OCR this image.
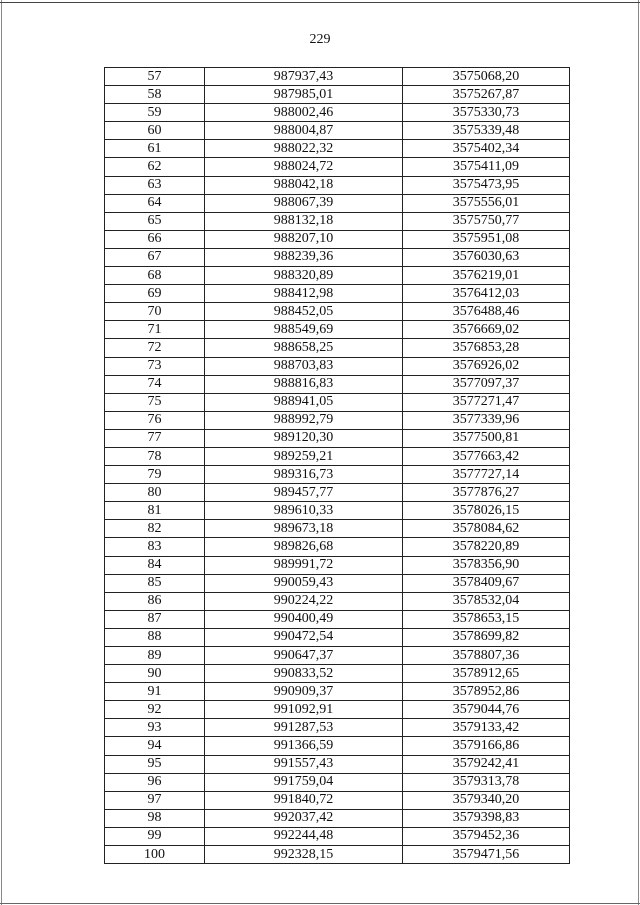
229
57	987937,43	3575068,20
58	987985,01	3575267,87
59	988002,46	3575330,73
60	988004,87	3575339,48
61	988022,32	3575402,34
62	988024,72	3575411,09
63	988042,18	3575473,95
64	988067,39	3575556,01
65	988132,18	3575750,77
66	988207,10	3575951,08
67	988239,36	3576030,63
68	988320,89	3576219,01
69	988412,98	3576412,03
70	988452,05	3576488,46
71	988549,69	3576669,02
72	988658,25	3576853,28
73	988703,83	3576926,02
74	988816,83	3577097,37
75	988941,05	3577271,47
76	988992,79	3577339,96
77	989120,30	3577500,81
78	989259,21	3577663,42
79	989316,73	3577727,14
80	989457,77	3577876,27
81	989610,33	3578026,15
82	989673,18	3578084,62
83	989826,68	3578220,89
84	989991,72	3578356,90
85	990059,43	3578409,67
86	990224,22	3578532,04
87	990400,49	3578653,15
88	990472,54	3578699,82
89	990647,37	3578807,36
90	990833,52	3578912,65
91	990909,37	3578952,86
92	991092,91	3579044,76
93	991287,53	3579133,42
94	991366,59	3579166,86
95	991557,43	3579242,41
96	991759,04	3579313,78
97	991840,72	3579340,20
98	992037,42	3579398,83
99	992244,48	3579452,36
100	992328,15	3579471,56
